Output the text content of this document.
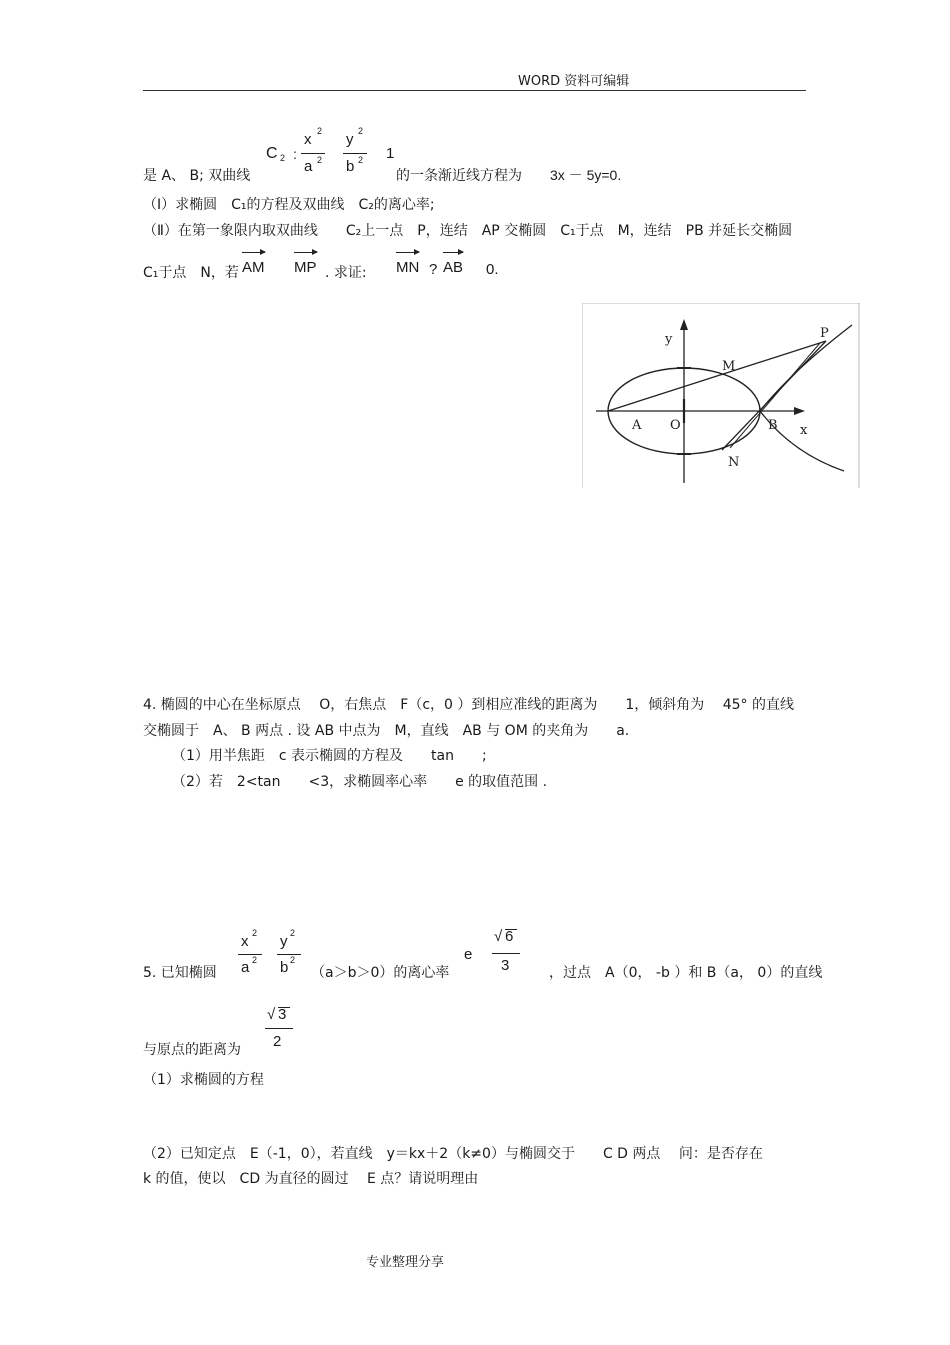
WORD 资料可编辑
C 2 :
x 2
a 2
y 2
b 2 1
是 A、 B; 双曲线	的一条渐近线方程为 3x － 5y=0.
（Ⅰ）求椭圆　C₁的方程及双曲线　C₂的离心率;
（Ⅱ）在第一象限内取双曲线　　C₂上一点　P，连结　AP 交椭圆　C₁于点　M，连结　PB 并延长交椭圆
C₁于点　N，若 AM MP . 求证: MN ? AB 0.
y
x
A O	B
M
N
P
4. 椭圆的中心在坐标原点　 O，右焦点　F（c，0 ）到相应准线的距离为　　1，倾斜角为　 45° 的直线
交椭圆于　A、 B 两点 . 设 AB 中点为　M，直线　AB 与 OM 的夹角为　　a.
（1）用半焦距　c 表示椭圆的方程及　　tan　　;
（2）若　2<tan　　<3，求椭圆率心率　　e 的取值范围 .
5. 已知椭圆
x 2
a 2
y 2
b 2
（a＞b＞0）的离心率
e
√ 6
3	，过点　A（0， -b ）和 B（a， 0）的直线
√ 3
2
与原点的距离为
（1）求椭圆的方程
（2）已知定点　E（-1，0），若直线　y＝kx＋2（k≠0）与椭圆交于　　C D 两点　 问：是否存在
k 的值，使以　CD 为直径的圆过　 E 点？请说明理由
专业整理分享
